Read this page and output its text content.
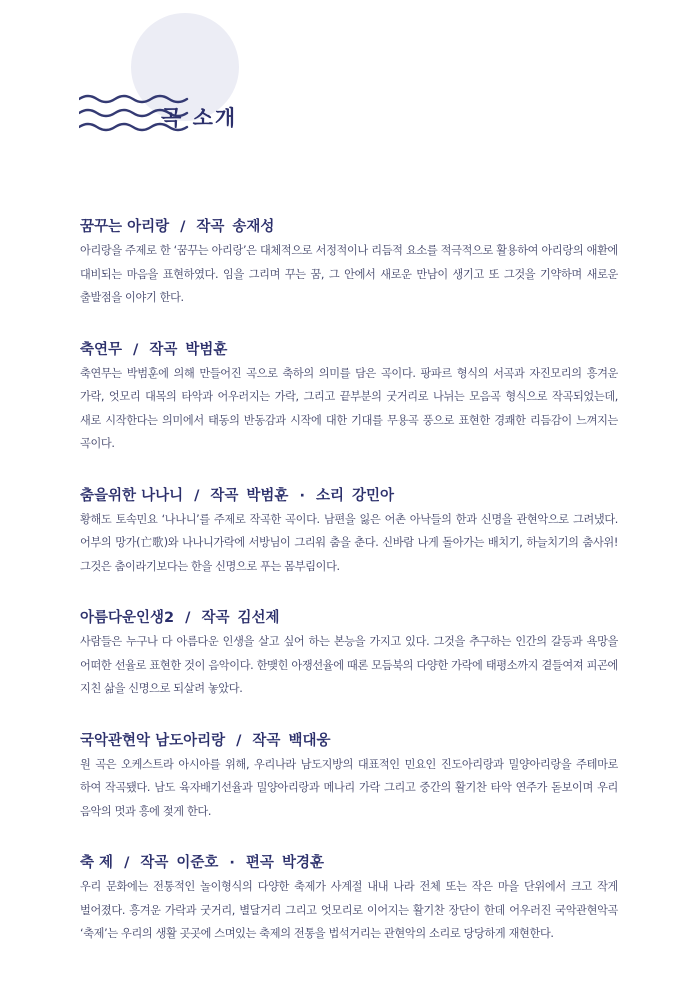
곡 소개
꿈꾸는 아리랑 / 작곡 송재성
아리랑을 주제로 한 ‘꿈꾸는 아리랑’은 대체적으로 서정적이나 리듬적 요소를 적극적으로 활용하여 아리랑의 애환에 대비되는 마음을 표현하였다. 임을 그리며 꾸는 꿈, 그 안에서 새로운 만남이 생기고 또 그것을 기약하며 새로운 출발점을 이야기 한다.
축연무 / 작곡 박범훈
축연무는 박범훈에 의해 만들어진 곡으로 축하의 의미를 담은 곡이다. 팡파르 형식의 서곡과 자진모리의 흥겨운 가락, 엇모리 대목의 타악과 어우러지는 가락, 그리고 끝부분의 굿거리로 나뉘는 모음곡 형식으로 작곡되었는데, 새로 시작한다는 의미에서 태동의 반동감과 시작에 대한 기대를 무용곡 풍으로 표현한 경쾌한 리듬감이 느껴지는 곡이다.
춤을위한 나나니 / 작곡 박범훈 · 소리 강민아
황해도 토속민요 ‘나나니’를 주제로 작곡한 곡이다. 남편을 잃은 어촌 아낙들의 한과 신명을 관현악으로 그려냈다. 어부의 망가(亡歌)와 나나니가락에 서방님이 그리워 춤을 춘다. 신바람 나게 돌아가는 배치기, 하늘치기의 춤사위! 그것은 춤이라기보다는 한을 신명으로 푸는 몸부림이다.
아름다운인생2 / 작곡 김선제
사람들은 누구나 다 아름다운 인생을 살고 싶어 하는 본능을 가지고 있다. 그것을 추구하는 인간의 갈등과 욕망을 어떠한 선율로 표현한 것이 음악이다. 한맺힌 아쟁선율에 때론 모듬북의 다양한 가락에 태평소까지 곁들여져 피곤에 지친 삶을 신명으로 되살려 놓았다.
국악관현악 남도아리랑 / 작곡 백대웅
원 곡은 오케스트라 아시아를 위해, 우리나라 남도지방의 대표적인 민요인 진도아리랑과 밀양아리랑을 주테마로 하여 작곡됐다. 남도 육자배기선율과 밀양아리랑과 메나리 가락 그리고 중간의 활기찬 타악 연주가 돋보이며 우리 음악의 멋과 흥에 젖게 한다.
축 제 / 작곡 이준호 · 편곡 박경훈
우리 문화에는 전통적인 놀이형식의 다양한 축제가 사계절 내내 나라 전체 또는 작은 마을 단위에서 크고 작게 벌어졌다. 흥겨운 가락과 굿거리, 별달거리 그리고 엇모리로 이어지는 활기찬 장단이 한데 어우러진 국악관현악곡 ‘축제’는 우리의 생활 곳곳에 스며있는 축제의 전통을 법석거리는 관현악의 소리로 당당하게 재현한다.
